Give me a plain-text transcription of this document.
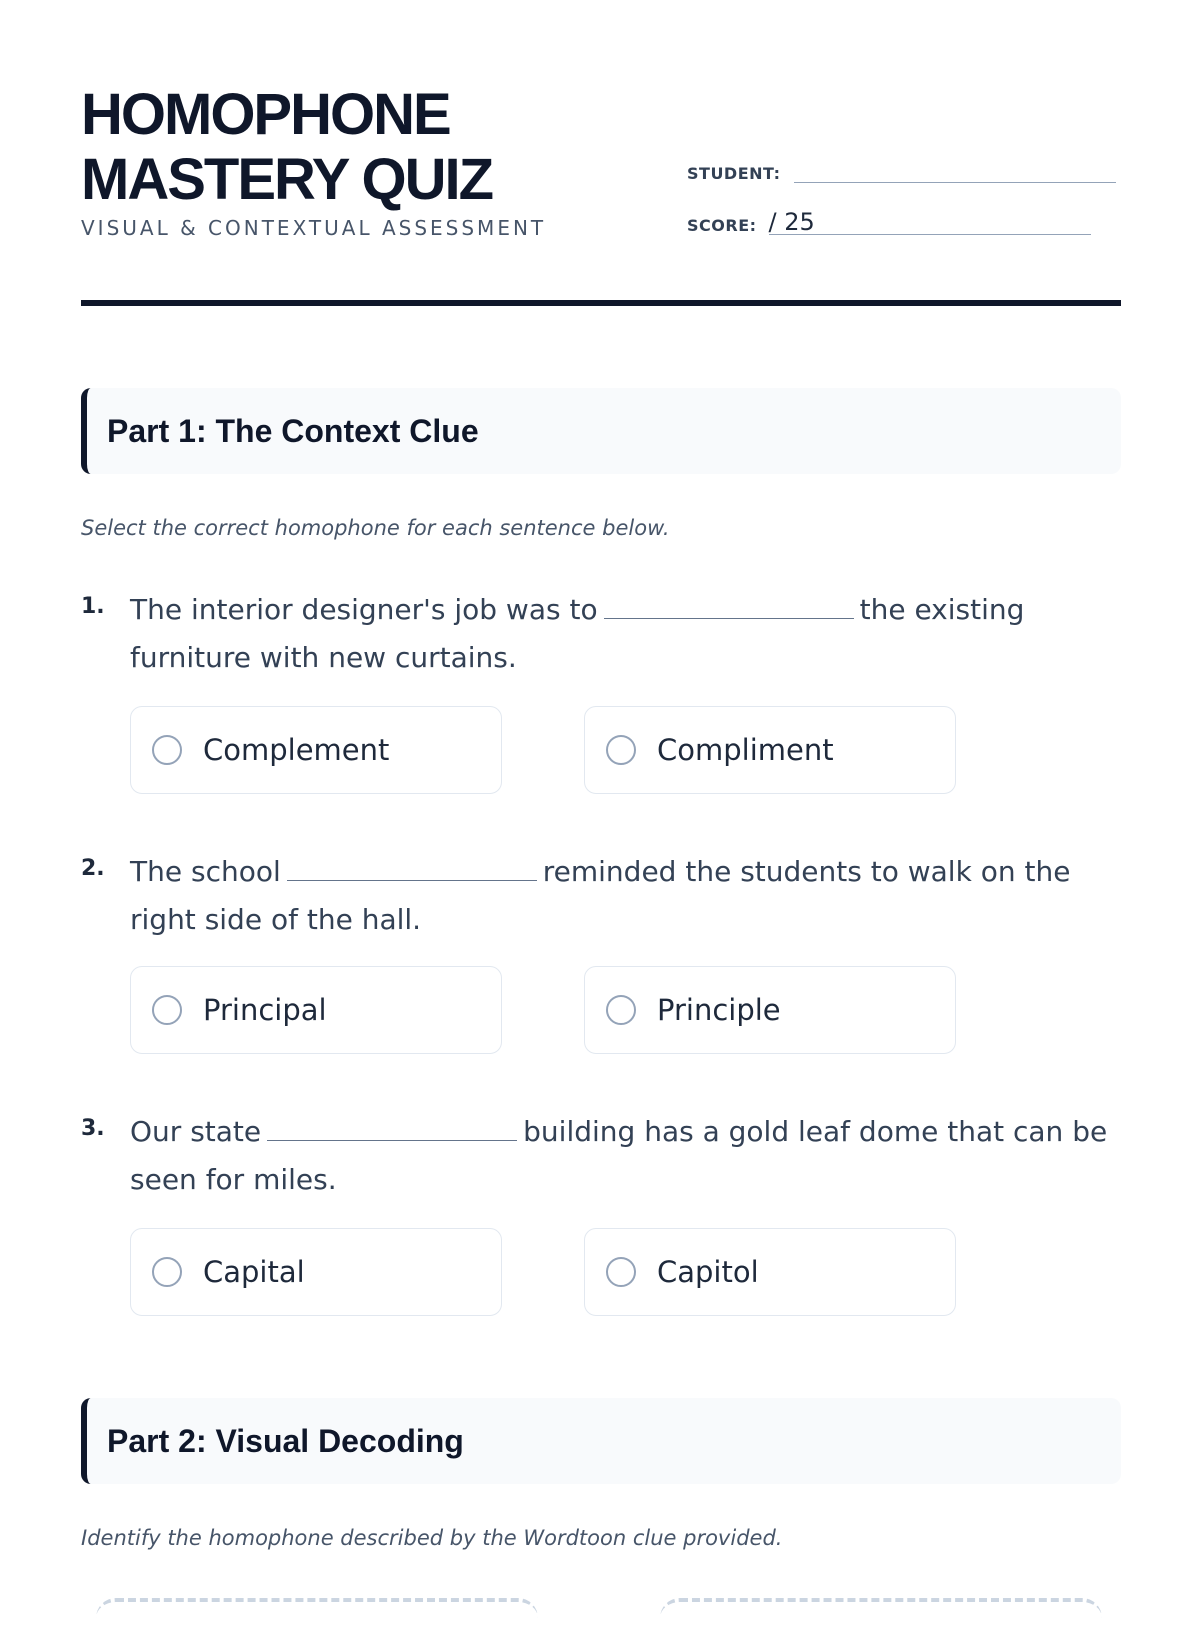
HOMOPHONE
MASTERY QUIZ
VISUAL & CONTEXTUAL ASSESSMENT
STUDENT:
SCORE: / 25
Part 1: The Context Clue
Select the correct homophone for each sentence below.
1. The interior designer's job was to	the existing furniture with new curtains.
Complement	Compliment
2. The school	reminded the students to walk on the right side of the hall.
Principal	Principle
3. Our state	building has a gold leaf dome that can be seen for miles.
Capital	Capitol
Part 2: Visual Decoding
Identify the homophone described by the Wordtoon clue provided.
